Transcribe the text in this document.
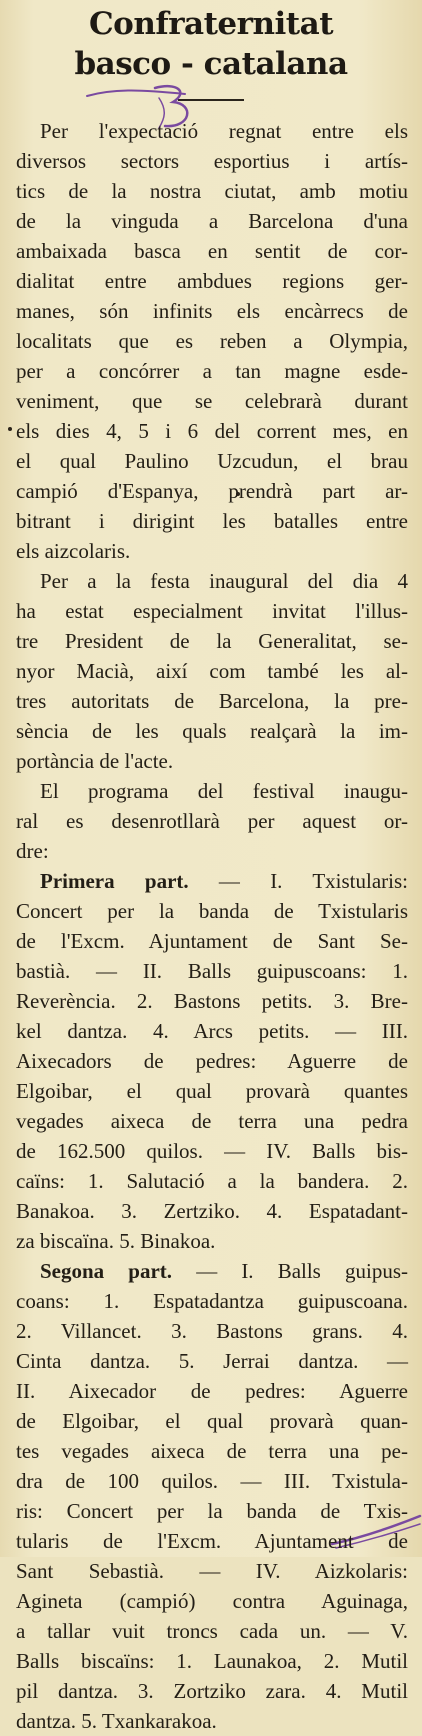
Confraternitat
basco - catalana
Per l'expectació regnat entre els
diversos sectors esportius i artís-
tics de la nostra ciutat, amb motiu
de la vinguda a Barcelona d'una
ambaixada basca en sentit de cor-
dialitat entre ambdues regions ger-
manes, són infinits els encàrrecs de
localitats que es reben a Olympia,
per a concórrer a tan magne esde-
veniment, que se celebrarà durant
els dies 4, 5 i 6 del corrent mes, en
el qual Paulino Uzcudun, el brau
campió d'Espanya, prendrà part ar-
bitrant i dirigint les batalles entre
els aizcolaris.
Per a la festa inaugural del dia 4
ha estat especialment invitat l'illus-
tre President de la Generalitat, se-
nyor Macià, així com també les al-
tres autoritats de Barcelona, la pre-
sència de les quals realçarà la im-
portància de l'acte.
El programa del festival inaugu-
ral es desenrotllarà per aquest or-
dre:
Primera part. — I. Txistularis:
Concert per la banda de Txistularis
de l'Excm. Ajuntament de Sant Se-
bastià. — II. Balls guipuscoans: 1.
Reverència. 2. Bastons petits. 3. Bre-
kel dantza. 4. Arcs petits. — III.
Aixecadors de pedres: Aguerre de
Elgoibar, el qual provarà quantes
vegades aixeca de terra una pedra
de 162.500 quilos. — IV. Balls bis-
caïns: 1. Salutació a la bandera. 2.
Banakoa. 3. Zertziko. 4. Espatadant-
za biscaïna. 5. Binakoa.
Segona part. — I. Balls guipus-
coans: 1. Espatadantza guipuscoana.
2. Villancet. 3. Bastons grans. 4.
Cinta dantza. 5. Jerrai dantza. —
II. Aixecador de pedres: Aguerre
de Elgoibar, el qual provarà quan-
tes vegades aixeca de terra una pe-
dra de 100 quilos. — III. Txistula-
ris: Concert per la banda de Txis-
tularis de l'Excm. Ajuntament de
Sant Sebastià. — IV. Aizkolaris:
Agineta (campió) contra Aguinaga,
a tallar vuit troncs cada un. — V.
Balls biscaïns: 1. Launakoa, 2. Mutil
pil dantza. 3. Zortziko zara. 4. Mutil
dantza. 5. Txankarakoa.
